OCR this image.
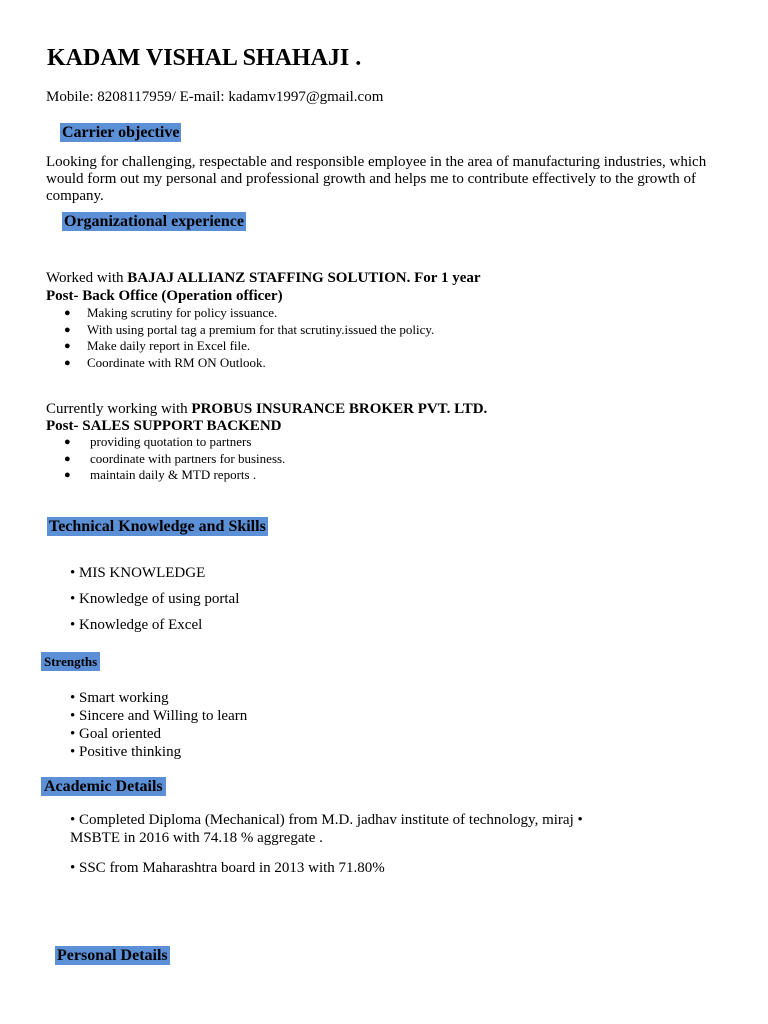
KADAM VISHAL SHAHAJI .
Mobile: 8208117959/ E-mail: kadamv1997@gmail.com
Carrier objective
Looking for challenging, respectable and responsible employee in the area of manufacturing industries, which would form out my personal and professional growth and helps me to contribute effectively to the growth of company.
Organizational experience
Worked with BAJAJ ALLIANZ STAFFING SOLUTION. For 1 year
Post- Back Office (Operation officer)
● Making scrutiny for policy issuance.
● With using portal tag a premium for that scrutiny.issued the policy.
● Make daily report in Excel file.
● Coordinate with RM ON Outlook.
Currently working with PROBUS INSURANCE BROKER PVT. LTD.
Post- SALES SUPPORT BACKEND
● providing quotation to partners
● coordinate with partners for business.
● maintain daily & MTD reports .
Technical Knowledge and Skills
• MIS KNOWLEDGE
• Knowledge of using portal
• Knowledge of Excel
Strengths
• Smart working
• Sincere and Willing to learn
• Goal oriented
• Positive thinking
Academic Details
• Completed Diploma (Mechanical) from M.D. jadhav institute of technology, miraj •
MSBTE in 2016 with 74.18 % aggregate .
• SSC from Maharashtra board in 2013 with 71.80%
Personal Details
